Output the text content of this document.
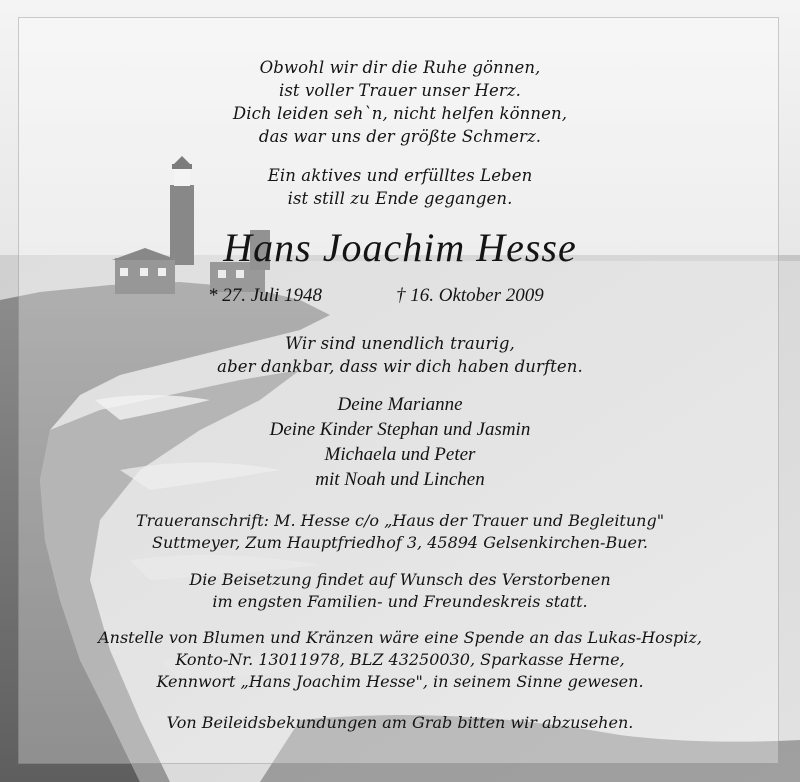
Obwohl wir dir die Ruhe gönnen,
ist voller Trauer unser Herz.
Dich leiden seh`n, nicht helfen können,
das war uns der größte Schmerz.
Ein aktives und erfülltes Leben
ist still zu Ende gegangen.
Hans Joachim Hesse
* 27. Juli 1948	† 16. Oktober 2009
Wir sind unendlich traurig,
aber dankbar, dass wir dich haben durften.
Deine Marianne
Deine Kinder Stephan und Jasmin
Michaela und Peter
mit Noah und Linchen
Traueranschrift: M. Hesse c/o „Haus der Trauer und Begleitung"
Suttmeyer, Zum Hauptfriedhof 3, 45894 Gelsenkirchen-Buer.
Die Beisetzung findet auf Wunsch des Verstorbenen
im engsten Familien- und Freundeskreis statt.
Anstelle von Blumen und Kränzen wäre eine Spende an das Lukas-Hospiz,
Konto-Nr. 13011978, BLZ 43250030, Sparkasse Herne,
Kennwort „Hans Joachim Hesse", in seinem Sinne gewesen.
Von Beileidsbekundungen am Grab bitten wir abzusehen.
